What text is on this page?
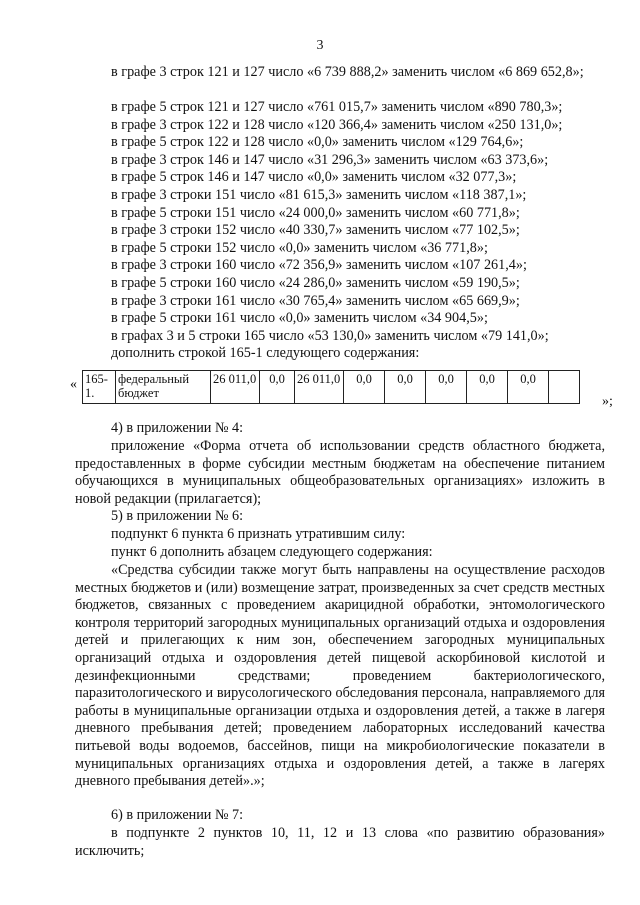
3
в графе 3 строк 121 и 127 число «6 739 888,2» заменить числом «6 869 652,8»;
в графе 5 строк 121 и 127 число «761 015,7» заменить числом «890 780,3»;
в графе 3 строк 122 и 128 число «120 366,4» заменить числом «250 131,0»;
в графе 5 строк 122 и 128 число «0,0» заменить числом «129 764,6»;
в графе 3 строк 146 и 147 число «31 296,3» заменить числом «63 373,6»;
в графе 5 строк 146 и 147 число «0,0» заменить числом «32 077,3»;
в графе 3 строки 151 число «81 615,3» заменить числом «118 387,1»;
в графе 5 строки 151 число «24 000,0» заменить числом «60 771,8»;
в графе 3 строки 152 число «40 330,7» заменить числом «77 102,5»;
в графе 5 строки 152 число «0,0» заменить числом «36 771,8»;
в графе 3 строки 160 число «72 356,9» заменить числом «107 261,4»;
в графе 5 строки 160 число «24 286,0» заменить числом «59 190,5»;
в графе 3 строки 161 число «30 765,4» заменить числом «65 669,9»;
в графе 5 строки 161 число «0,0» заменить числом «34 904,5»;
в графах 3 и 5 строки 165 число «53 130,0» заменить числом «79 141,0»;
дополнить строкой 165-1 следующего содержания:
« 165-1.	федеральный бюджет	26 011,0	0,0	26 011,0	0,0	0,0	0,0	0,0	0,0	
»;
4) в приложении № 4:
приложение «Форма отчета об использовании средств областного бюджета, предоставленных в форме субсидии местным бюджетам на обеспечение питанием обучающихся в муниципальных общеобразовательных организациях» изложить в новой редакции (прилагается);
5) в приложении № 6:
подпункт 6 пункта 6 признать утратившим силу:
пункт 6 дополнить абзацем следующего содержания:
«Средства субсидии также могут быть направлены на осуществление расходов местных бюджетов и (или) возмещение затрат, произведенных за счет средств местных бюджетов, связанных с проведением акарицидной обработки, энтомологического контроля территорий загородных муниципальных организаций отдыха и оздоровления детей и прилегающих к ним зон, обеспечением загородных муниципальных организаций отдыха и оздоровления детей пищевой аскорбиновой кислотой и дезинфекционными средствами; проведением бактериологического, паразитологического и вирусологического обследования персонала, направляемого для работы в муниципальные организации отдыха и оздоровления детей, а также в лагеря дневного пребывания детей; проведением лабораторных исследований качества питьевой воды водоемов, бассейнов, пищи на микробиологические показатели в муниципальных организациях отдыха и оздоровления детей, а также в лагерях дневного пребывания детей».»;
6) в приложении № 7:
в подпункте 2 пунктов 10, 11, 12 и 13 слова «по развитию образования» исключить;
